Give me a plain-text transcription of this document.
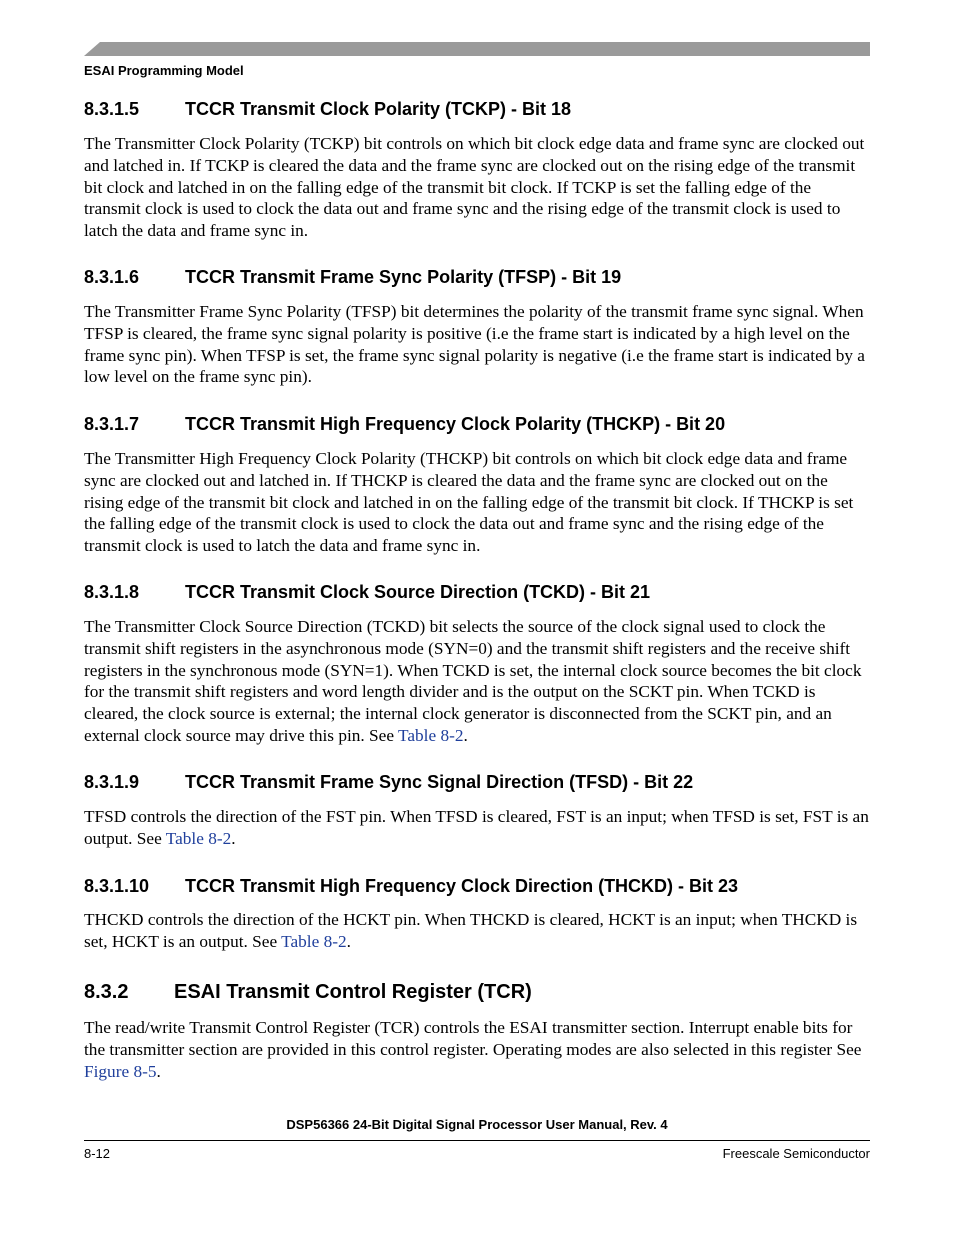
ESAI Programming Model
8.3.1.5	TCCR Transmit Clock Polarity (TCKP) - Bit 18

The Transmitter Clock Polarity (TCKP) bit controls on which bit clock edge data and frame sync are clocked out and latched in. If TCKP is cleared the data and the frame sync are clocked out on the rising edge of the transmit bit clock and latched in on the falling edge of the transmit bit clock. If TCKP is set the falling edge of the transmit clock is used to clock the data out and frame sync and the rising edge of the transmit clock is used to latch the data and frame sync in.

8.3.1.6	TCCR Transmit Frame Sync Polarity (TFSP) - Bit 19

The Transmitter Frame Sync Polarity (TFSP) bit determines the polarity of the transmit frame sync signal. When TFSP is cleared, the frame sync signal polarity is positive (i.e the frame start is indicated by a high level on the frame sync pin). When TFSP is set, the frame sync signal polarity is negative (i.e the frame start is indicated by a low level on the frame sync pin).

8.3.1.7	TCCR Transmit High Frequency Clock Polarity (THCKP) - Bit 20

The Transmitter High Frequency Clock Polarity (THCKP) bit controls on which bit clock edge data and frame sync are clocked out and latched in. If THCKP is cleared the data and the frame sync are clocked out on the rising edge of the transmit bit clock and latched in on the falling edge of the transmit bit clock. If THCKP is set the falling edge of the transmit clock is used to clock the data out and frame sync and the rising edge of the transmit clock is used to latch the data and frame sync in.

8.3.1.8	TCCR Transmit Clock Source Direction (TCKD) - Bit 21

The Transmitter Clock Source Direction (TCKD) bit selects the source of the clock signal used to clock the transmit shift registers in the asynchronous mode (SYN=0) and the transmit shift registers and the receive shift registers in the synchronous mode (SYN=1). When TCKD is set, the internal clock source becomes the bit clock for the transmit shift registers and word length divider and is the output on the SCKT pin. When TCKD is cleared, the clock source is external; the internal clock generator is disconnected from the SCKT pin, and an external clock source may drive this pin. See Table 8-2.

8.3.1.9	TCCR Transmit Frame Sync Signal Direction (TFSD) - Bit 22

TFSD controls the direction of the FST pin. When TFSD is cleared, FST is an input; when TFSD is set, FST is an output. See Table 8-2.

8.3.1.10 TCCR Transmit High Frequency Clock Direction (THCKD) - Bit 23

THCKD controls the direction of the HCKT pin. When THCKD is cleared, HCKT is an input; when THCKD is set, HCKT is an output. See Table 8-2.

8.3.2 ESAI Transmit Control Register (TCR)

The read/write Transmit Control Register (TCR) controls the ESAI transmitter section. Interrupt enable bits for the transmitter section are provided in this control register. Operating modes are also selected in this register See Figure 8-5.

DSP56366 24-Bit Digital Signal Processor User Manual, Rev. 4
8-12	Freescale Semiconductor
